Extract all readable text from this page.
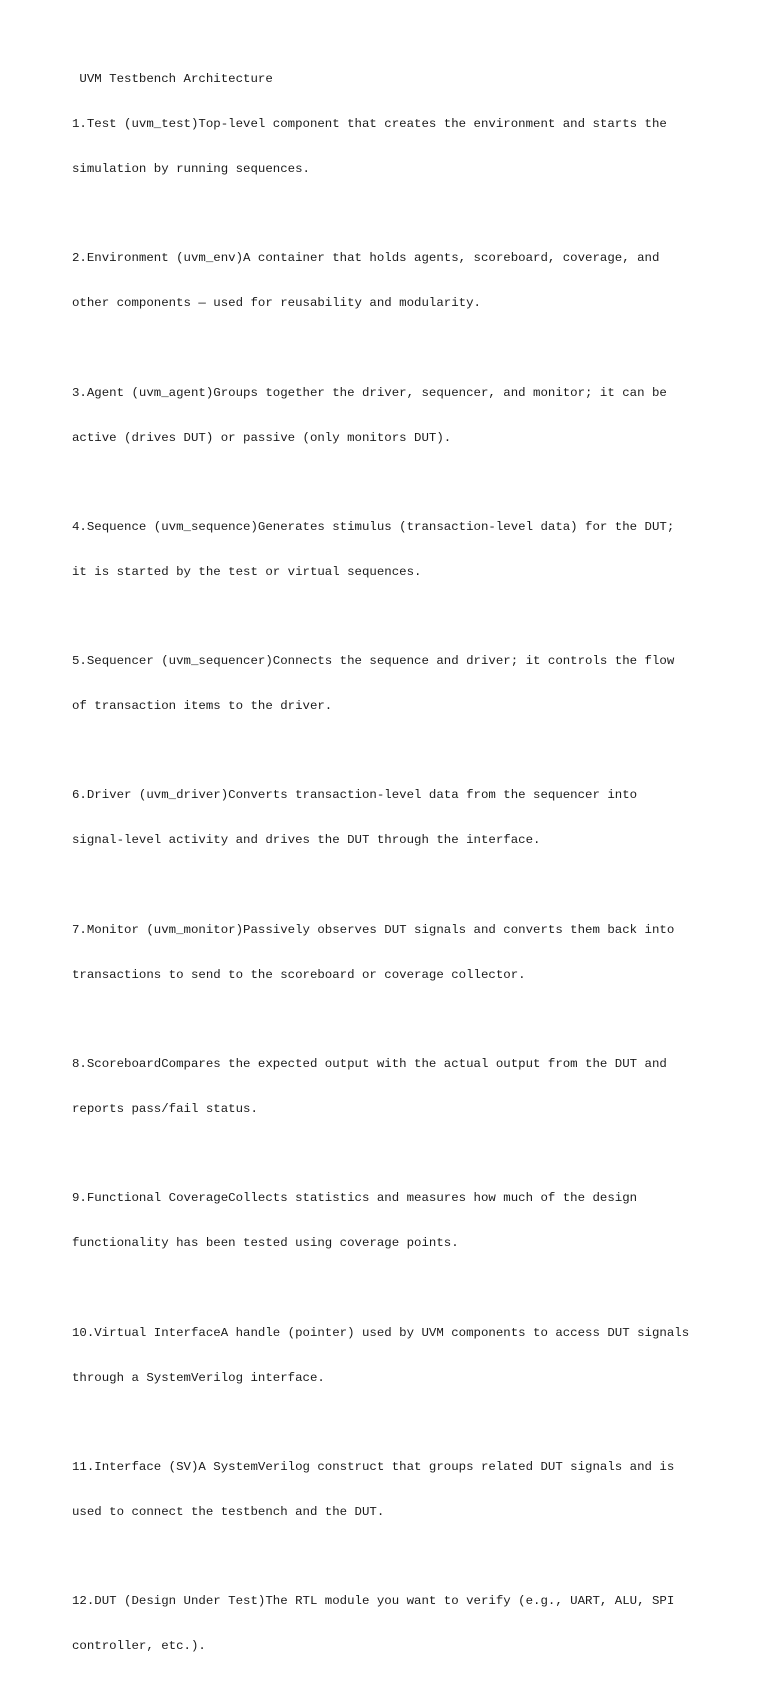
UVM Testbench Architecture

1.Test (uvm_test)Top-level component that creates the environment and starts the

simulation by running sequences.

2.Environment (uvm_env)A container that holds agents, scoreboard, coverage, and

other components — used for reusability and modularity.

3.Agent (uvm_agent)Groups together the driver, sequencer, and monitor; it can be

active (drives DUT) or passive (only monitors DUT).

4.Sequence (uvm_sequence)Generates stimulus (transaction-level data) for the DUT;

it is started by the test or virtual sequences.

5.Sequencer (uvm_sequencer)Connects the sequence and driver; it controls the flow

of transaction items to the driver.

6.Driver (uvm_driver)Converts transaction-level data from the sequencer into

signal-level activity and drives the DUT through the interface.

7.Monitor (uvm_monitor)Passively observes DUT signals and converts them back into

transactions to send to the scoreboard or coverage collector.

8.ScoreboardCompares the expected output with the actual output from the DUT and

reports pass/fail status.

9.Functional CoverageCollects statistics and measures how much of the design

functionality has been tested using coverage points.

10.Virtual InterfaceA handle (pointer) used by UVM components to access DUT signals

through a SystemVerilog interface.

11.Interface (SV)A SystemVerilog construct that groups related DUT signals and is

used to connect the testbench and the DUT.

12.DUT (Design Under Test)The RTL module you want to verify (e.g., UART, ALU, SPI

controller, etc.).
